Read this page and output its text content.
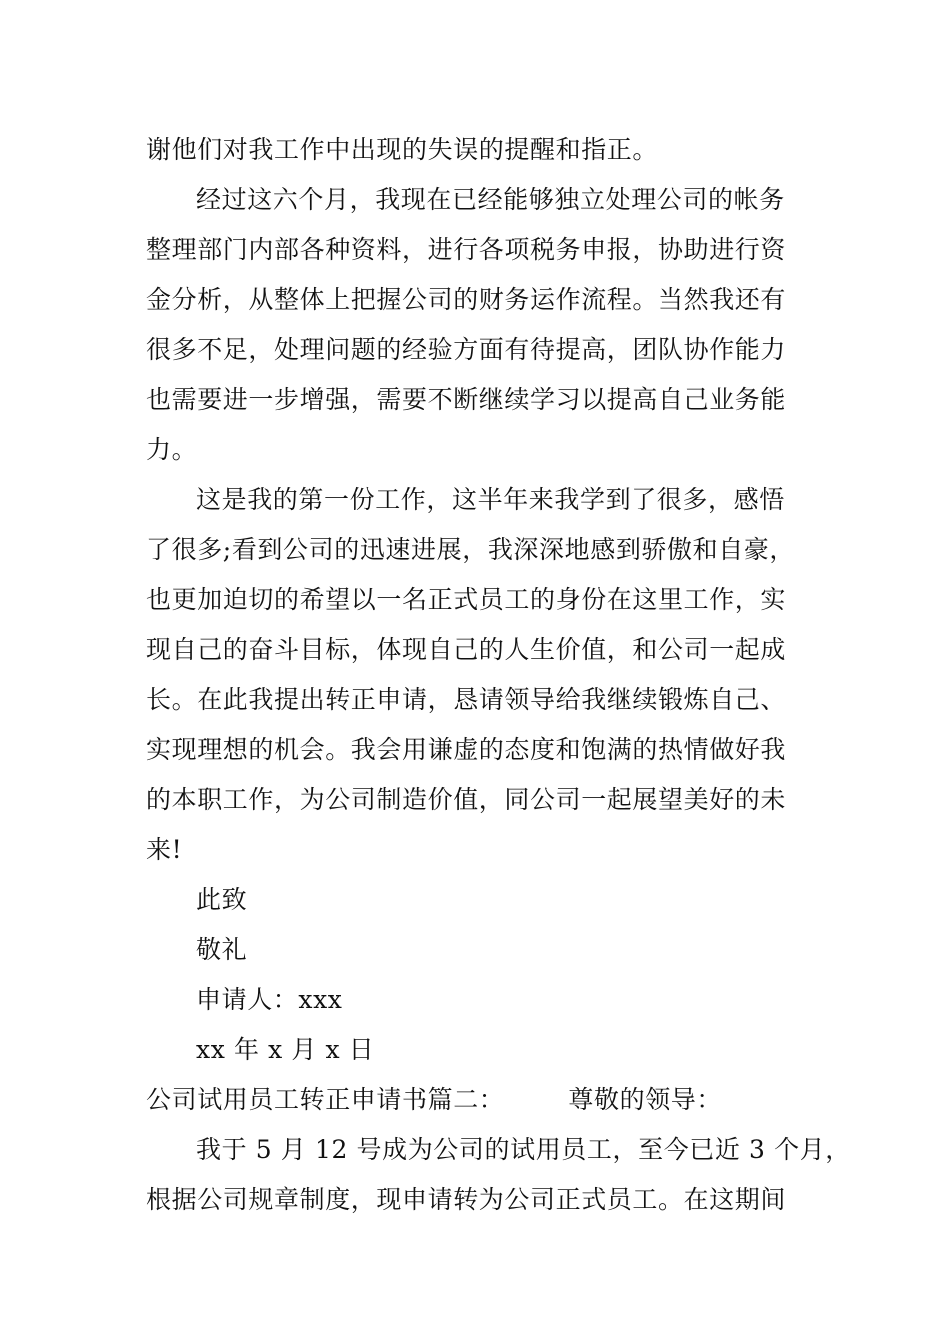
谢他们对我工作中出现的失误的提醒和指正。
经过这六个月，我现在已经能够独立处理公司的帐务
整理部门内部各种资料，进行各项税务申报，协助进行资
金分析，从整体上把握公司的财务运作流程。当然我还有
很多不足，处理问题的经验方面有待提高，团队协作能力
也需要进一步增强，需要不断继续学习以提高自己业务能
力。
这是我的第一份工作，这半年来我学到了很多，感悟
了很多;看到公司的迅速进展，我深深地感到骄傲和自豪，
也更加迫切的希望以一名正式员工的身份在这里工作，实
现自己的奋斗目标，体现自己的人生价值，和公司一起成
长。在此我提出转正申请，恳请领导给我继续锻炼自己、
实现理想的机会。我会用谦虚的态度和饱满的热情做好我
的本职工作，为公司制造价值，同公司一起展望美好的未
来!
此致
敬礼
申请人：xxx
xx 年 x 月 x 日
公司试用员工转正申请书篇二：	尊敬的领导：
我于 5 月 12 号成为公司的试用员工，至今已近 3 个月，
根据公司规章制度，现申请转为公司正式员工。在这期间
